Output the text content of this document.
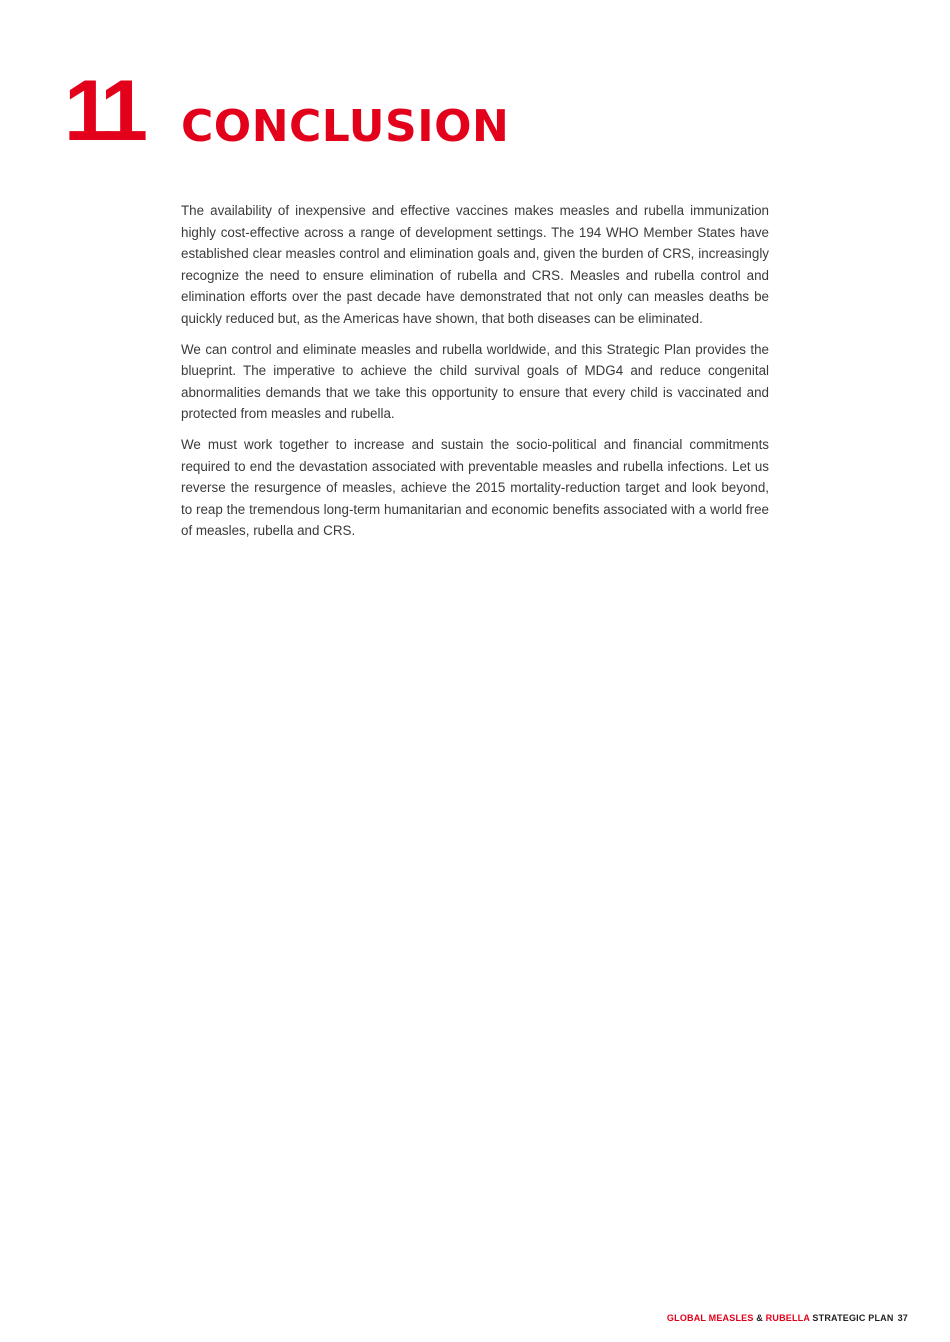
11 CONCLUSION

The availability of inexpensive and effective vaccines makes measles and rubella immunization highly cost-effective across a range of development settings. The 194 WHO Member States have established clear measles control and elimination goals and, given the burden of CRS, increasingly recognize the need to ensure elimination of rubella and CRS. Measles and rubella control and elimination efforts over the past decade have demonstrated that not only can measles deaths be quickly reduced but, as the Americas have shown, that both diseases can be eliminated.

We can control and eliminate measles and rubella worldwide, and this Strategic Plan provides the blueprint. The imperative to achieve the child survival goals of MDG4 and reduce congenital abnormalities demands that we take this opportunity to ensure that every child is vaccinated and protected from measles and rubella.

We must work together to increase and sustain the socio-political and financial commitments required to end the devastation associated with preventable measles and rubella infections. Let us reverse the resurgence of measles, achieve the 2015 mortality-reduction target and look beyond, to reap the tremendous long-term humanitarian and economic benefits associated with a world free of measles, rubella and CRS.

GLOBAL MEASLES & RUBELLA STRATEGIC PLAN 37
